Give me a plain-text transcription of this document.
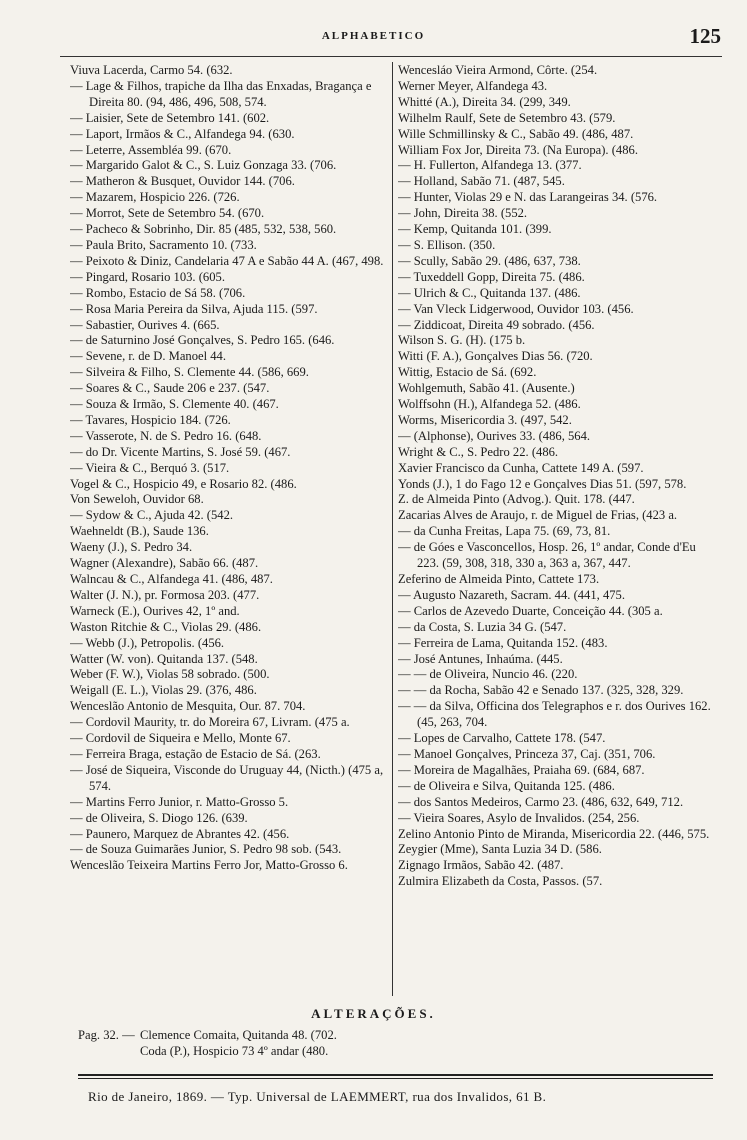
ALPHABETICO	125
Viuva Lacerda, Carmo 54. (632.
— Lage & Filhos, trapiche da Ilha das Enxadas, Bragança e Direita 80. (94, 486, 496, 508, 574.
— Laisier, Sete de Setembro 141. (602.
— Laport, Irmãos & C., Alfandega 94. (630.
— Leterre, Assembléa 99. (670.
— Margarido Galot & C., S. Luiz Gonzaga 33. (706.
— Matheron & Busquet, Ouvidor 144. (706.
— Mazarem, Hospicio 226. (726.
— Morrot, Sete de Setembro 54. (670.
— Pacheco & Sobrinho, Dir. 85 (485, 532, 538, 560.
— Paula Brito, Sacramento 10. (733.
— Peixoto & Diniz, Candelaria 47 A e Sabão 44 A. (467, 498.
— Pingard, Rosario 103. (605.
— Rombo, Estacio de Sá 58. (706.
— Rosa Maria Pereira da Silva, Ajuda 115. (597.
— Sabastier, Ourives 4. (665.
— de Saturnino José Gonçalves, S. Pedro 165. (646.
— Sevene, r. de D. Manoel 44.
— Silveira & Filho, S. Clemente 44. (586, 669.
— Soares & C., Saude 206 e 237. (547.
— Souza & Irmão, S. Clemente 40. (467.
— Tavares, Hospicio 184. (726.
— Vasserote, N. de S. Pedro 16. (648.
— do Dr. Vicente Martins, S. José 59. (467.
— Vieira & C., Berquó 3. (517.
Vogel & C., Hospicio 49, e Rosario 82. (486.
Von Seweloh, Ouvidor 68.
— Sydow & C., Ajuda 42. (542.
Waehneldt (B.), Saude 136.
Waeny (J.), S. Pedro 34.
Wagner (Alexandre), Sabão 66. (487.
Walncau & C., Alfandega 41. (486, 487.
Walter (J. N.), pr. Formosa 203. (477.
Warneck (E.), Ourives 42, 1º and.
Waston Ritchie & C., Violas 29. (486.
— Webb (J.), Petropolis. (456.
Watter (W. von). Quitanda 137. (548.
Weber (F. W.), Violas 58 sobrado. (500.
Weigall (E. L.), Violas 29. (376, 486.
Wenceslão Antonio de Mesquita, Our. 87. 704.
— Cordovil Maurity, tr. do Moreira 67, Livram. (475 a.
— Cordovil de Siqueira e Mello, Monte 67.
— Ferreira Braga, estação de Estacio de Sá. (263.
— José de Siqueira, Visconde do Uruguay 44, (Nicth.) (475 a, 574.
— Martins Ferro Junior, r. Matto-Grosso 5.
— de Oliveira, S. Diogo 126. (639.
— Paunero, Marquez de Abrantes 42. (456.
— de Souza Guimarães Junior, S. Pedro 98 sob. (543.
Wenceslão Teixeira Martins Ferro Jor, Matto-Grosso 6.
Wencesláo Vieira Armond, Côrte. (254.
Werner Meyer, Alfandega 43.
Whitté (A.), Direita 34. (299, 349.
Wilhelm Raulf, Sete de Setembro 43. (579.
Wille Schmillinsky & C., Sabão 49. (486, 487.
William Fox Jor, Direita 73. (Na Europa). (486.
— H. Fullerton, Alfandega 13. (377.
— Holland, Sabão 71. (487, 545.
— Hunter, Violas 29 e N. das Larangeiras 34. (576.
— John, Direita 38. (552.
— Kemp, Quitanda 101. (399.
— S. Ellison. (350.
— Scully, Sabão 29. (486, 637, 738.
— Tuxeddell Gopp, Direita 75. (486.
— Ulrich & C., Quitanda 137. (486.
— Van Vleck Lidgerwood, Ouvidor 103. (456.
— Ziddicoat, Direita 49 sobrado. (456.
Wilson S. G. (H). (175 b.
Witti (F. A.), Gonçalves Dias 56. (720.
Wittig, Estacio de Sá. (692.
Wohlgemuth, Sabão 41. (Ausente.)
Wolffsohn (H.), Alfandega 52. (486.
Worms, Misericordia 3. (497, 542.
— (Alphonse), Ourives 33. (486, 564.
Wright & C., S. Pedro 22. (486.
Xavier Francisco da Cunha, Cattete 149 A. (597.
Yonds (J.), 1 do Fago 12 e Gonçalves Dias 51. (597, 578.
Z. de Almeida Pinto (Advog.). Quit. 178. (447.
Zacarias Alves de Araujo, r. de Miguel de Frias, (423 a.
— da Cunha Freitas, Lapa 75. (69, 73, 81.
— de Góes e Vasconcellos, Hosp. 26, 1º andar, Conde d'Eu 223. (59, 308, 318, 330 a, 363 a, 367, 447.
Zeferino de Almeida Pinto, Cattete 173.
— Augusto Nazareth, Sacram. 44. (441, 475.
— Carlos de Azevedo Duarte, Conceição 44. (305 a.
— da Costa, S. Luzia 34 G. (547.
— Ferreira de Lama, Quitanda 152. (483.
— José Antunes, Inhaúma. (445.
— — de Oliveira, Nuncio 46. (220.
— — da Rocha, Sabão 42 e Senado 137. (325, 328, 329.
— — da Silva, Officina dos Telegraphos e r. dos Ourives 162. (45, 263, 704.
— Lopes de Carvalho, Cattete 178. (547.
— Manoel Gonçalves, Princeza 37, Caj. (351, 706.
— Moreira de Magalhães, Praiaha 69. (684, 687.
— de Oliveira e Silva, Quitanda 125. (486.
— dos Santos Medeiros, Carmo 23. (486, 632, 649, 712.
— Vieira Soares, Asylo de Invalidos. (254, 256.
Zelino Antonio Pinto de Miranda, Misericordia 22. (446, 575.
Zeygier (Mme), Santa Luzia 34 D. (586.
Zignago Irmãos, Sabão 42. (487.
Zulmira Elizabeth da Costa, Passos. (57.
ALTERAÇÕES.
Pag. 32. — Clemence Comaita, Quitanda 48. (702.
Coda (P.), Hospicio 73 4º andar (480.
Rio de Janeiro, 1869. — Typ. Universal de LAEMMERT, rua dos Invalidos, 61 B.
